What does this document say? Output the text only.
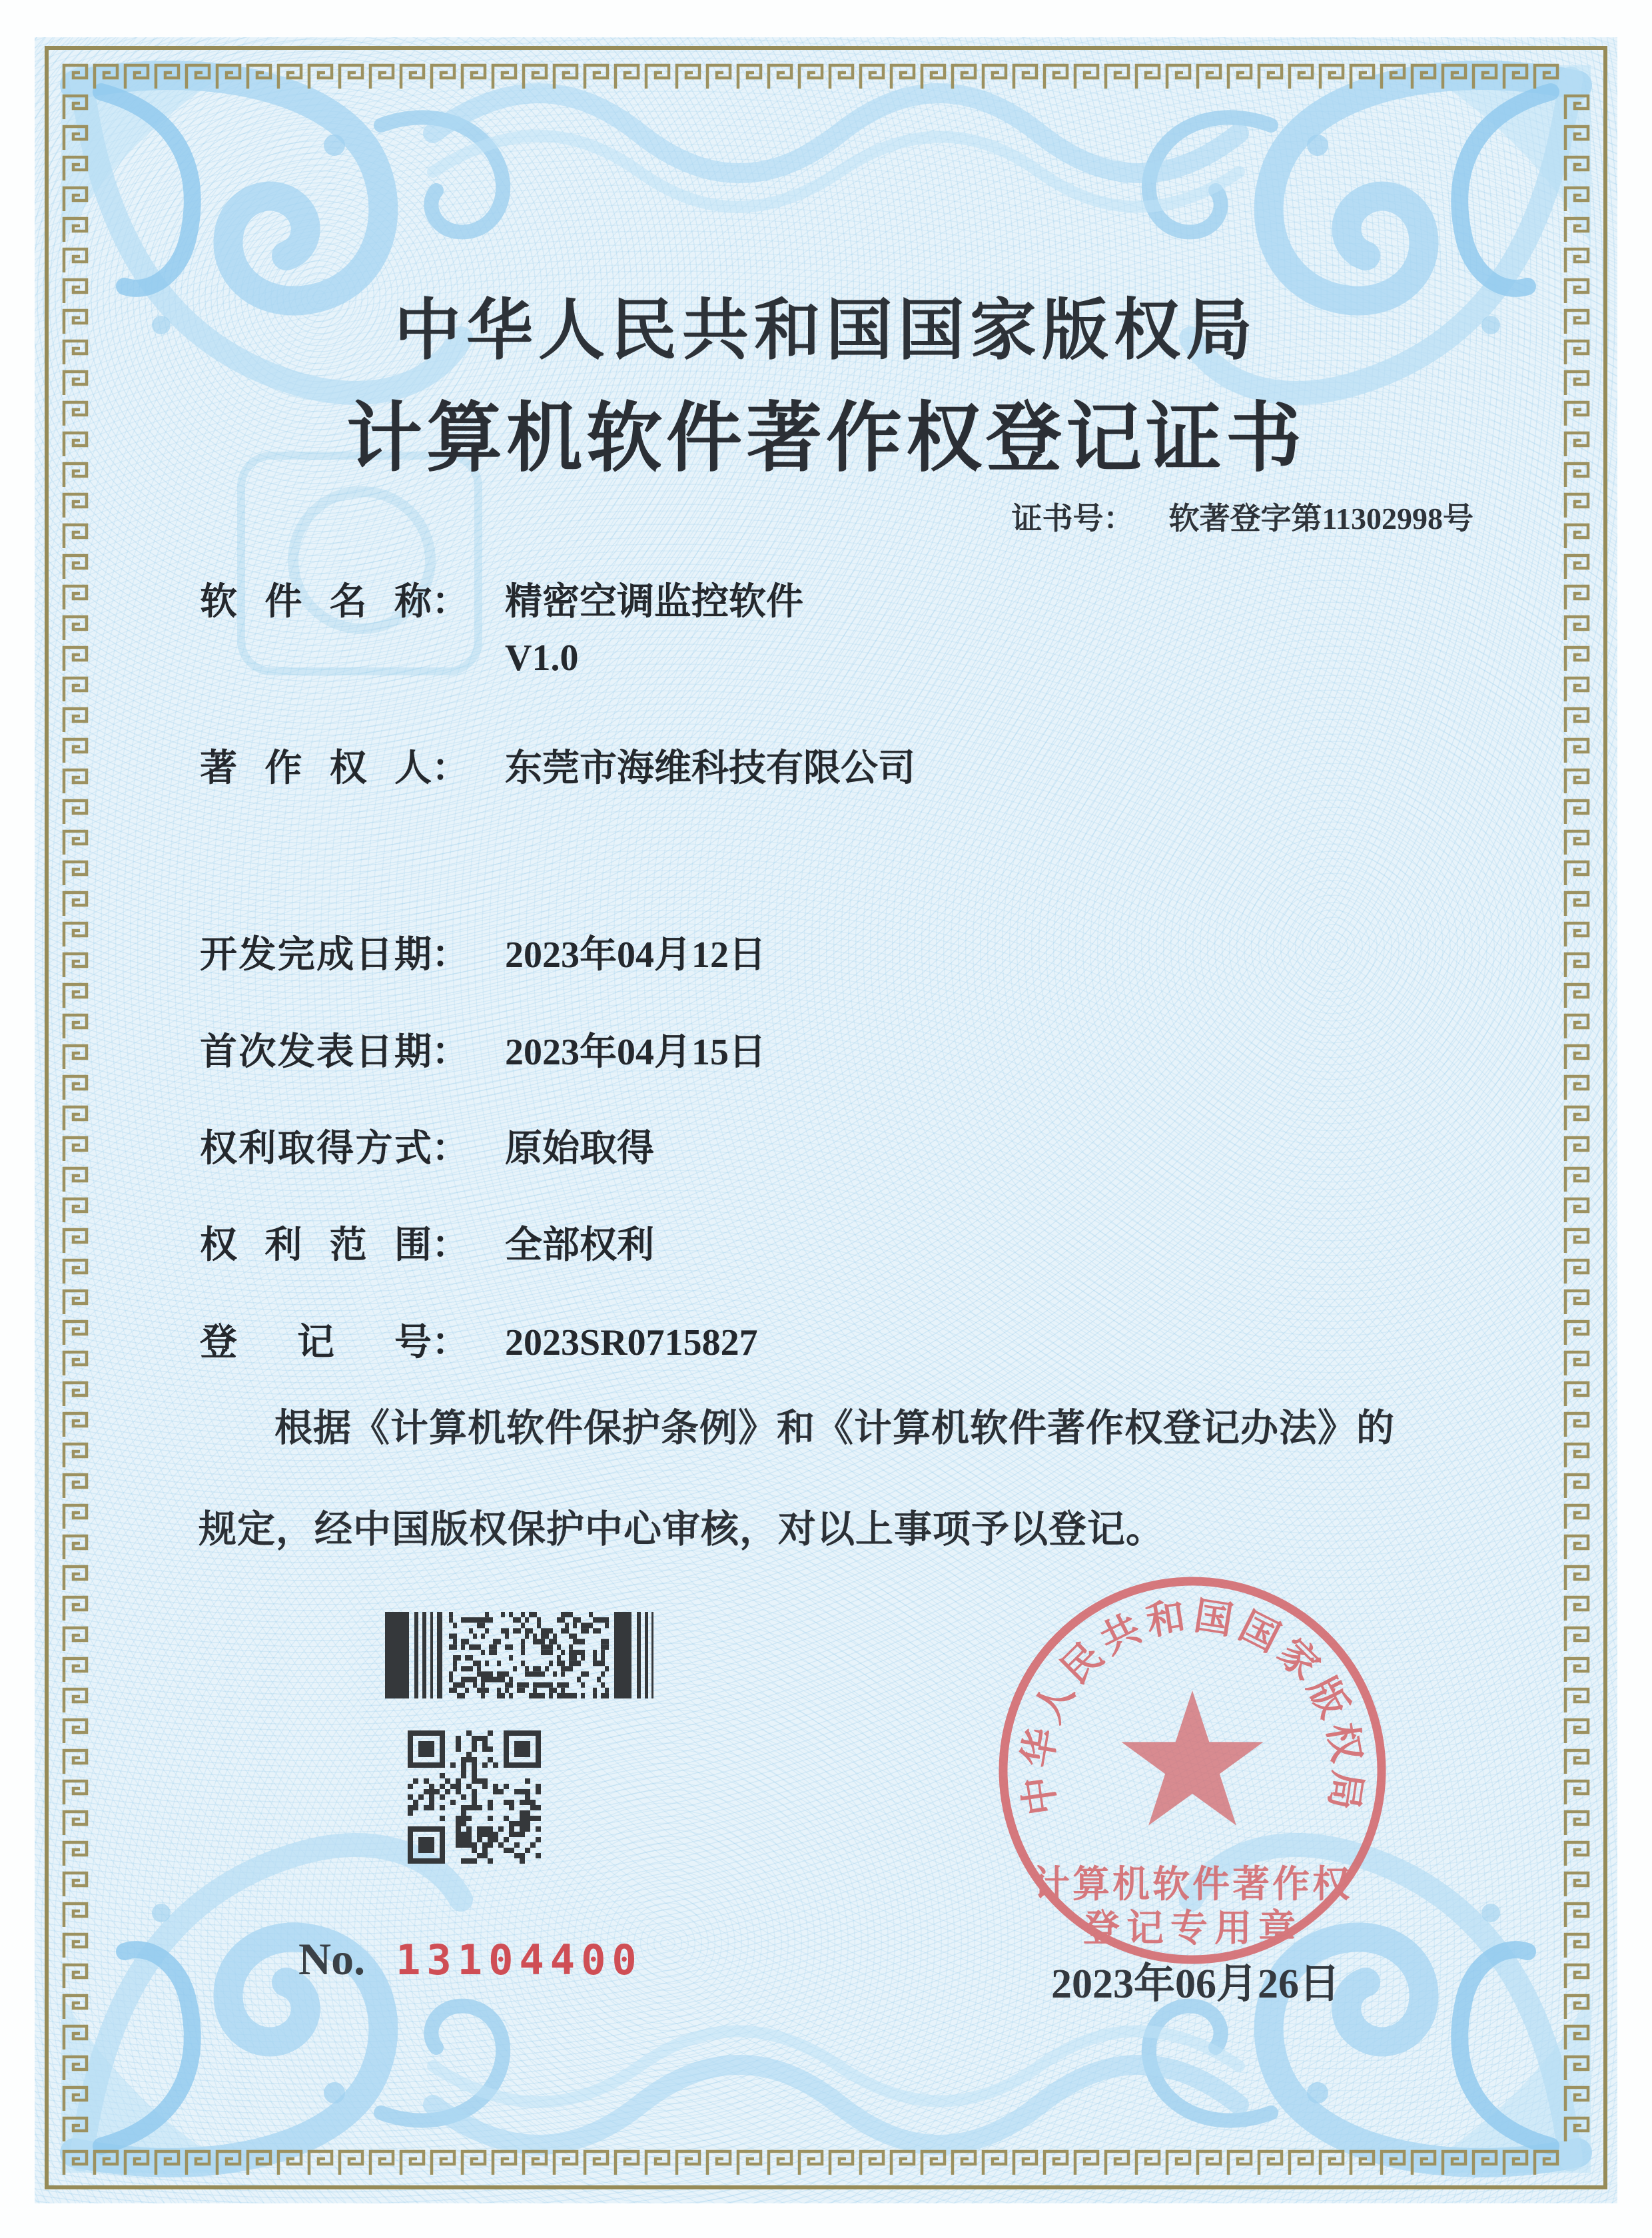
中华人民共和国国家版权局
计算机软件著作权登记证书
证书号： 软著登字第11302998号
软件名称： 精密空调监控软件
V1.0
著作权人： 东莞市海维科技有限公司
开发完成日期： 2023年04月12日
首次发表日期： 2023年04月15日
权利取得方式： 原始取得
权利范围： 全部权利
登记号： 2023SR0715827
根据《计算机软件保护条例》和《计算机软件著作权登记办法》的
规定，经中国版权保护中心审核，对以上事项予以登记。
No. 13104400
中华人民共和国国家版权局
计算机软件著作权
登记专用章
2023年06月26日
